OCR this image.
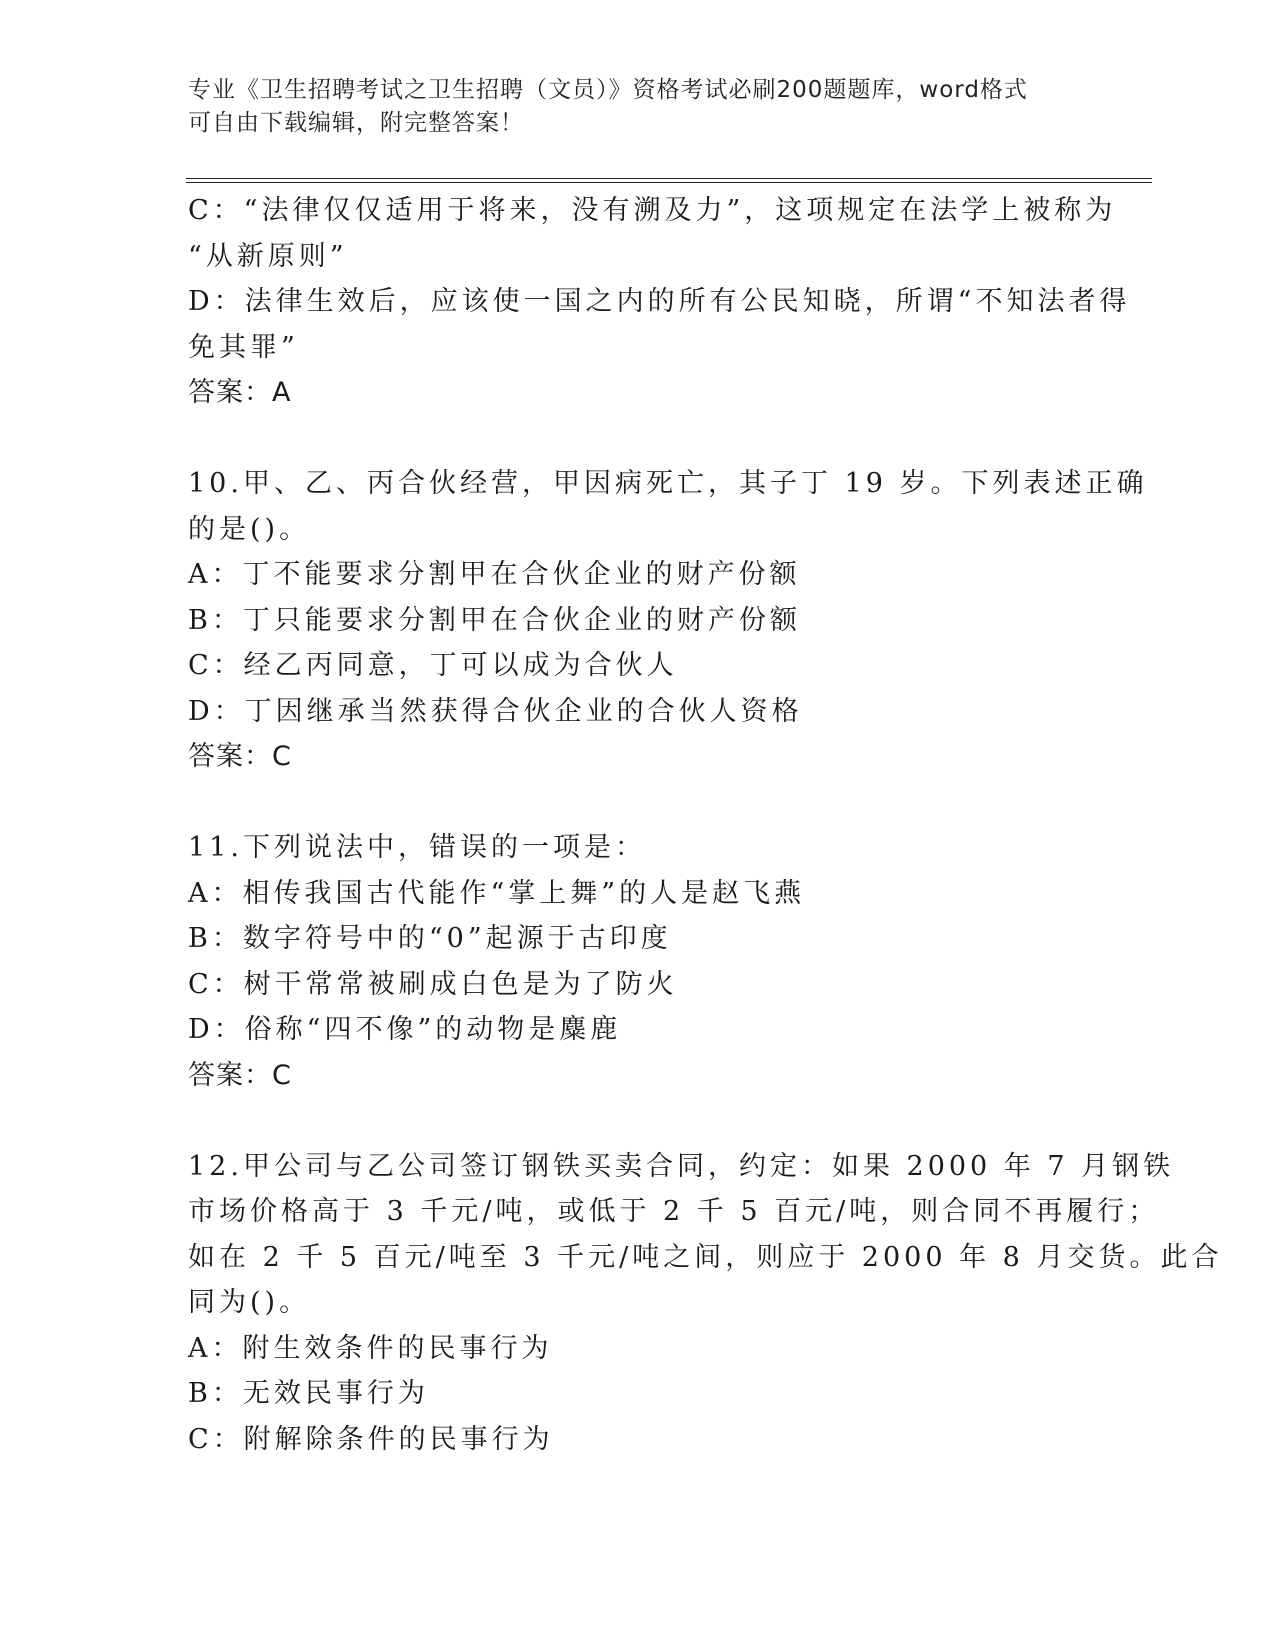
专业《卫生招聘考试之卫生招聘（文员）》资格考试必刷200题题库，word格式
可自由下载编辑，附完整答案！
C：“法律仅仅适用于将来，没有溯及力”，这项规定在法学上被称为
“从新原则”
D：法律生效后，应该使一国之内的所有公民知晓，所谓“不知法者得
免其罪”
答案：A
10.甲、乙、丙合伙经营，甲因病死亡，其子丁 19 岁。下列表述正确
的是()。
A：丁不能要求分割甲在合伙企业的财产份额
B：丁只能要求分割甲在合伙企业的财产份额
C：经乙丙同意，丁可以成为合伙人
D：丁因继承当然获得合伙企业的合伙人资格
答案：C
11.下列说法中，错误的一项是：
A：相传我国古代能作“掌上舞”的人是赵飞燕
B：数字符号中的“0”起源于古印度
C：树干常常被刷成白色是为了防火
D：俗称“四不像”的动物是麋鹿
答案：C
12.甲公司与乙公司签订钢铁买卖合同，约定：如果 2000 年 7 月钢铁
市场价格高于 3 千元/吨，或低于 2 千 5 百元/吨，则合同不再履行；
如在 2 千 5 百元/吨至 3 千元/吨之间，则应于 2000 年 8 月交货。此合
同为()。
A：附生效条件的民事行为
B：无效民事行为
C：附解除条件的民事行为
